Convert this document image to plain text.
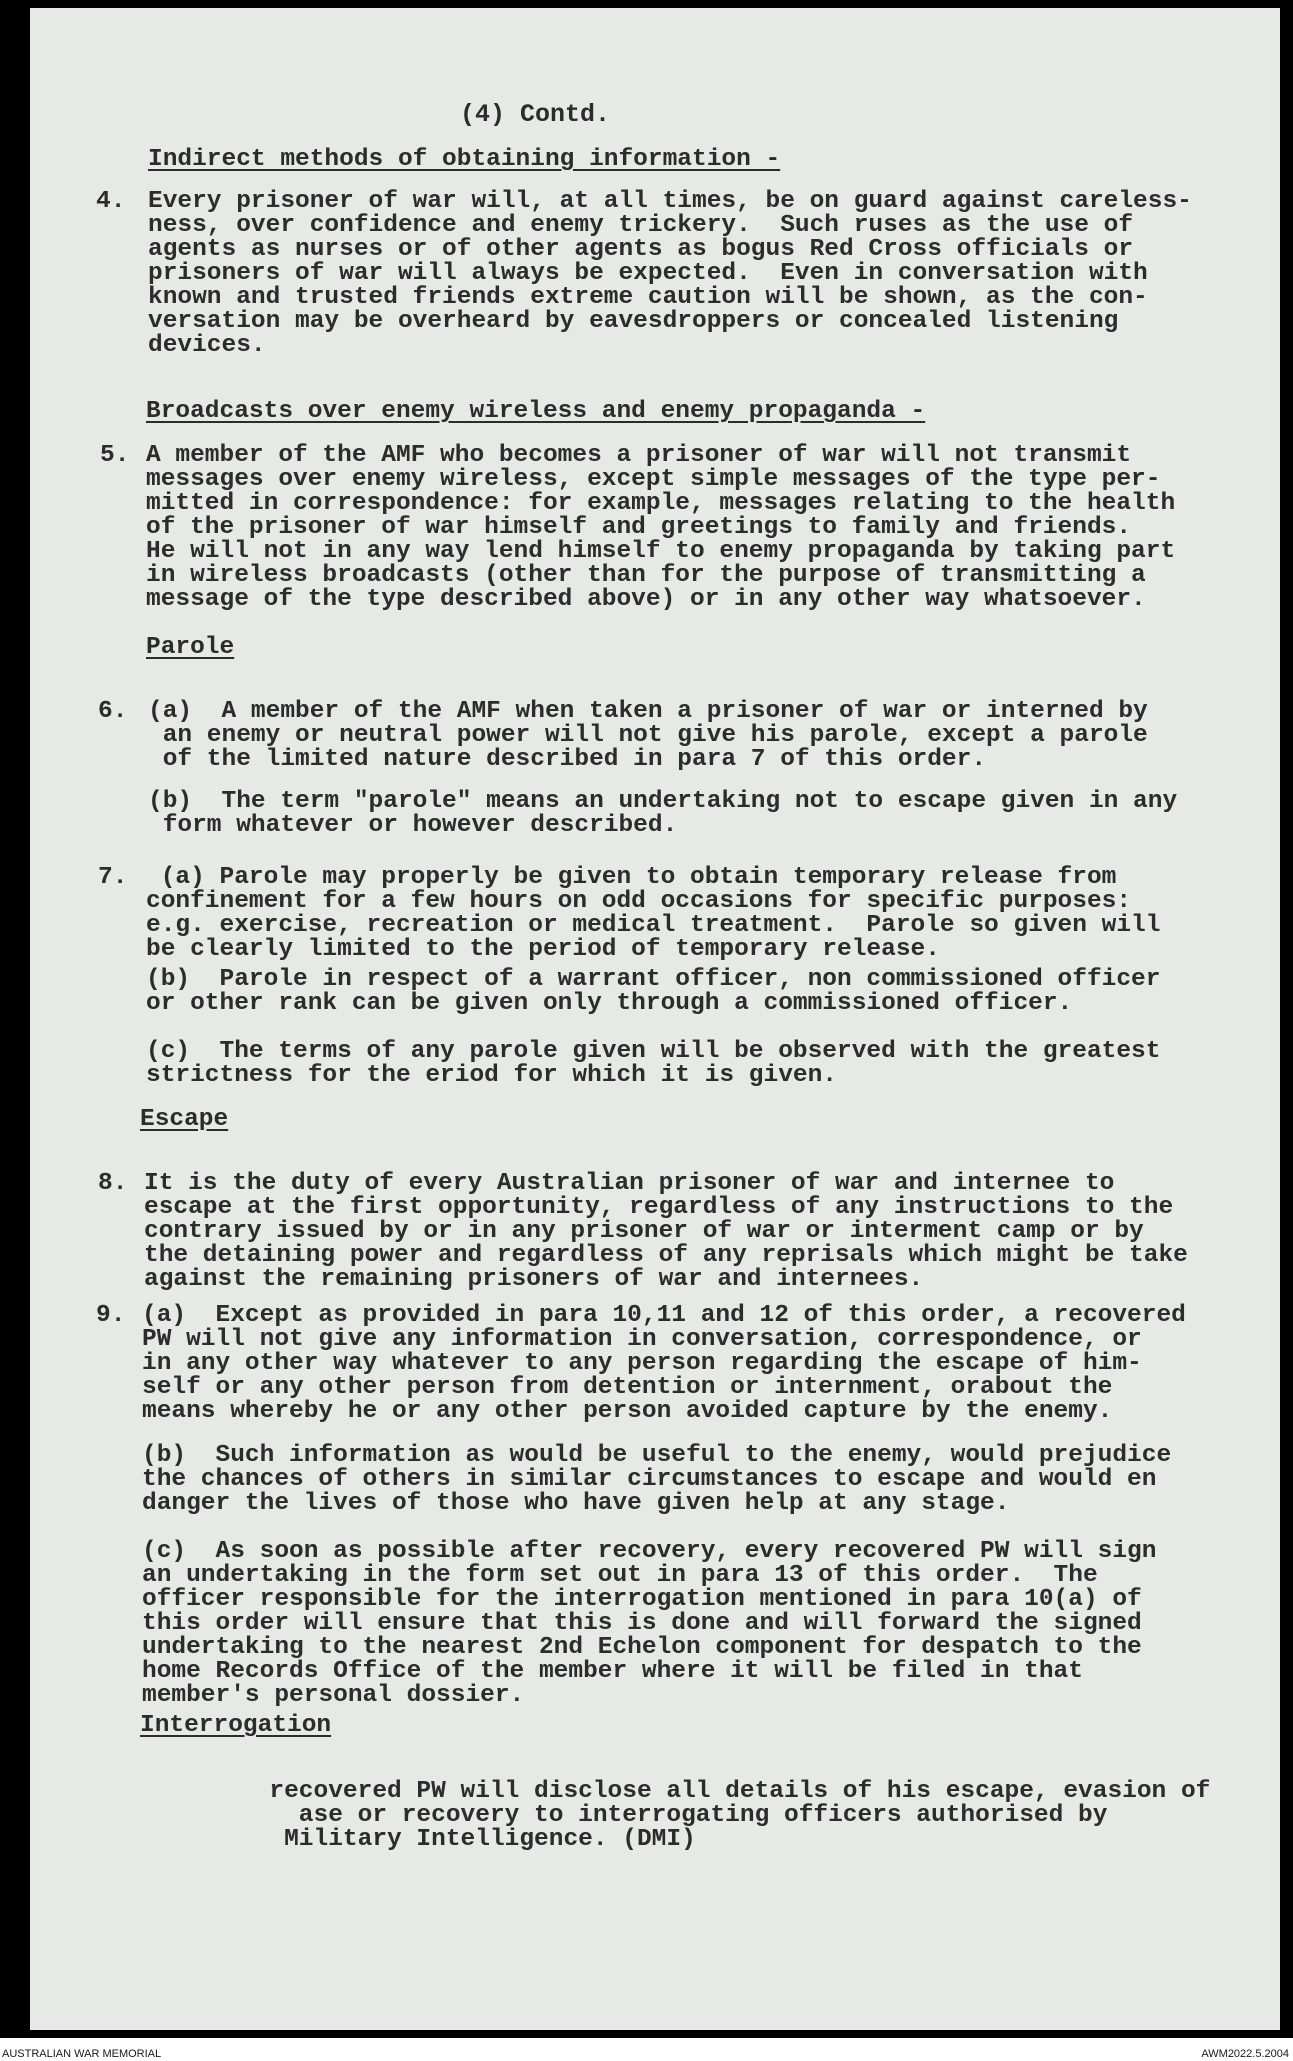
(4) Contd.
Indirect methods of obtaining information -
4. Every prisoner of war will, at all times, be on guard against careless-
ness, over confidence and enemy trickery.  Such ruses as the use of
agents as nurses or of other agents as bogus Red Cross officials or
prisoners of war will always be expected.  Even in conversation with
known and trusted friends extreme caution will be shown, as the con-
versation may be overheard by eavesdroppers or concealed listening
devices.
Broadcasts over enemy wireless and enemy propaganda -
5. A member of the AMF who becomes a prisoner of war will not transmit
messages over enemy wireless, except simple messages of the type per-
mitted in correspondence: for example, messages relating to the health
of the prisoner of war himself and greetings to family and friends.
He will not in any way lend himself to enemy propaganda by taking part
in wireless broadcasts (other than for the purpose of transmitting a
message of the type described above) or in any other way whatsoever.
Parole
6. (a)  A member of the AMF when taken a prisoner of war or interned by
an enemy or neutral power will not give his parole, except a parole
of the limited nature described in para 7 of this order.
(b)  The term "parole" means an undertaking not to escape given in any
form whatever or however described.
7.	(a) Parole may properly be given to obtain temporary release from
confinement for a few hours on odd occasions for specific purposes:
e.g. exercise, recreation or medical treatment.  Parole so given will
be clearly limited to the period of temporary release.
(b)  Parole in respect of a warrant officer, non commissioned officer
or other rank can be given only through a commissioned officer.
(c)  The terms of any parole given will be observed with the greatest
strictness for the eriod for which it is given.
Escape
8. It is the duty of every Australian prisoner of war and internee to
escape at the first opportunity, regardless of any instructions to the
contrary issued by or in any prisoner of war or interment camp or by
the detaining power and regardless of any reprisals which might be take
against the remaining prisoners of war and internees.
9. (a)  Except as provided in para 10,11 and 12 of this order, a recovered
PW will not give any information in conversation, correspondence, or
in any other way whatever to any person regarding the escape of him-
self or any other person from detention or internment, orabout the
means whereby he or any other person avoided capture by the enemy.
(b)  Such information as would be useful to the enemy, would prejudice
the chances of others in similar circumstances to escape and would en
danger the lives of those who have given help at any stage.
(c)  As soon as possible after recovery, every recovered PW will sign
an undertaking in the form set out in para 13 of this order.  The
officer responsible for the interrogation mentioned in para 10(a) of
this order will ensure that this is done and will forward the signed
undertaking to the nearest 2nd Echelon component for despatch to the
home Records Office of the member where it will be filed in that
member's personal dossier.
Interrogation
recovered PW will disclose all details of his escape, evasion of
ase or recovery to interrogating officers authorised by
Military Intelligence. (DMI)
AUSTRALIAN WAR MEMORIAL	AWM2022.5.2004
